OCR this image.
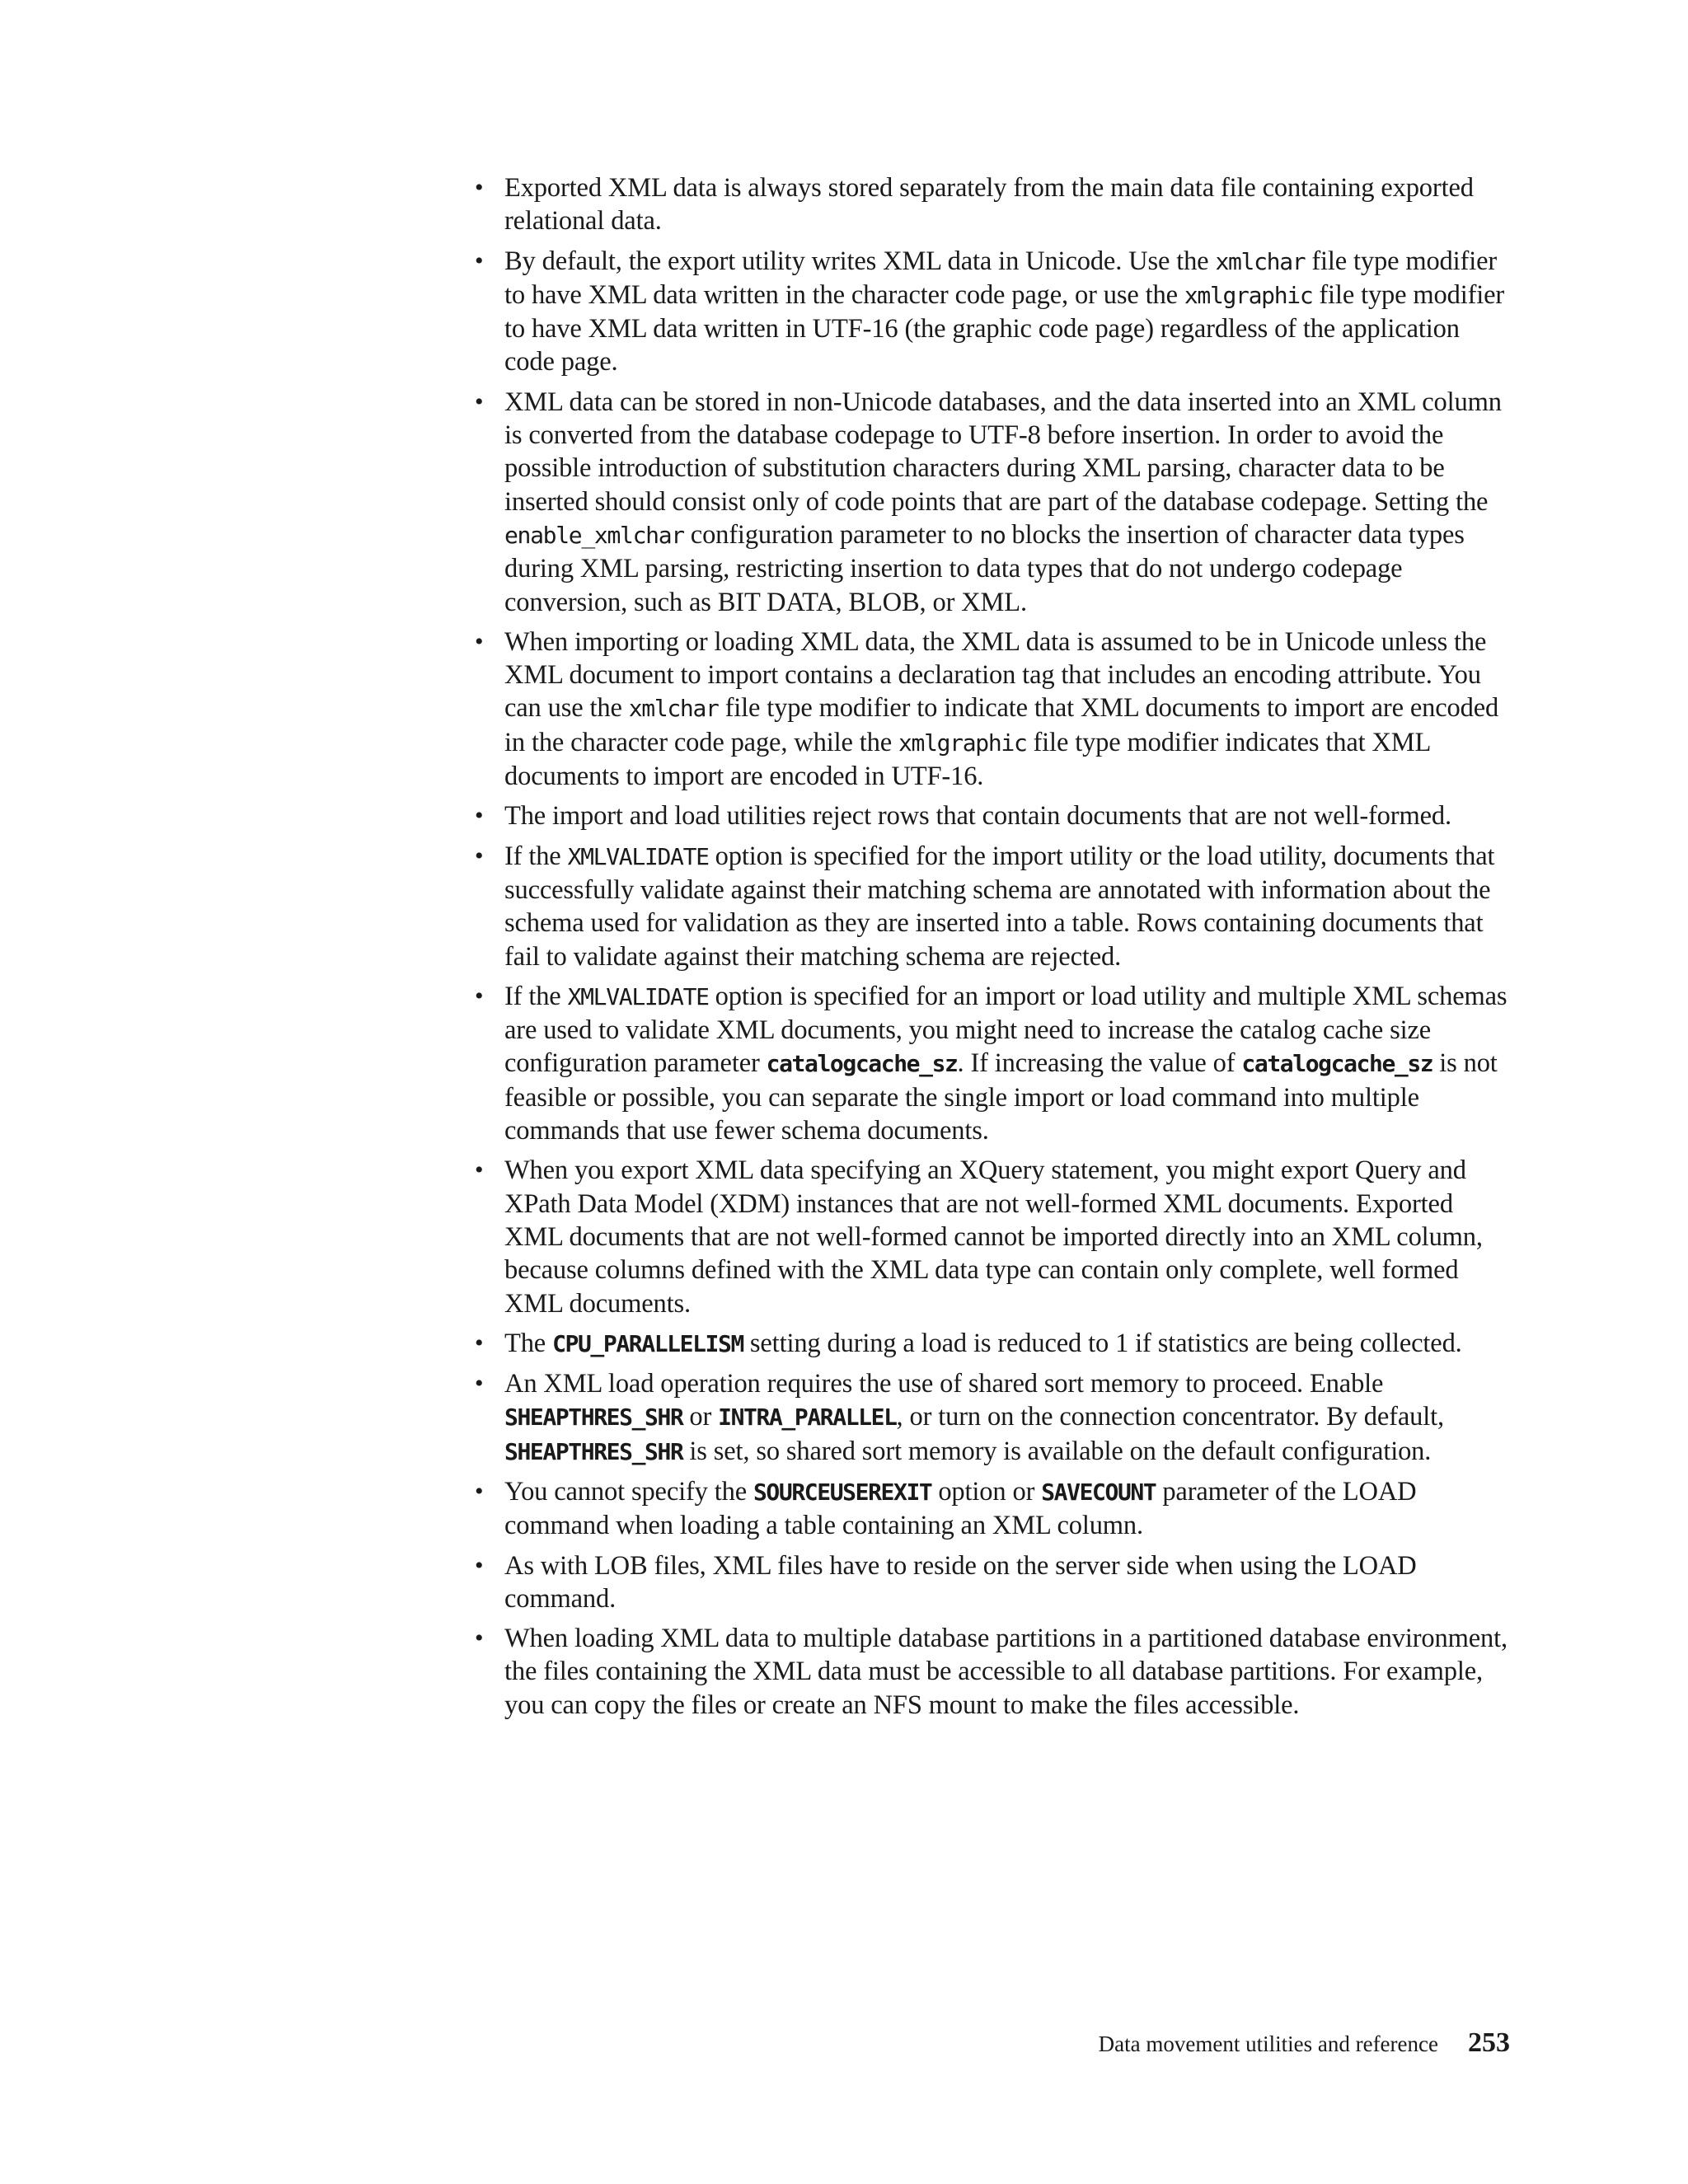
• Exported XML data is always stored separately from the main data file containing exported relational data.
• By default, the export utility writes XML data in Unicode. Use the xmlchar file type modifier to have XML data written in the character code page, or use the xmlgraphic file type modifier to have XML data written in UTF-16 (the graphic code page) regardless of the application code page.
• XML data can be stored in non-Unicode databases, and the data inserted into an XML column is converted from the database codepage to UTF-8 before insertion. In order to avoid the possible introduction of substitution characters during XML parsing, character data to be inserted should consist only of code points that are part of the database codepage. Setting the enable_xmlchar configuration parameter to no blocks the insertion of character data types during XML parsing, restricting insertion to data types that do not undergo codepage conversion, such as BIT DATA, BLOB, or XML.
• When importing or loading XML data, the XML data is assumed to be in Unicode unless the XML document to import contains a declaration tag that includes an encoding attribute. You can use the xmlchar file type modifier to indicate that XML documents to import are encoded in the character code page, while the xmlgraphic file type modifier indicates that XML documents to import are encoded in UTF-16.
• The import and load utilities reject rows that contain documents that are not well-formed.
• If the XMLVALIDATE option is specified for the import utility or the load utility, documents that successfully validate against their matching schema are annotated with information about the schema used for validation as they are inserted into a table. Rows containing documents that fail to validate against their matching schema are rejected.
• If the XMLVALIDATE option is specified for an import or load utility and multiple XML schemas are used to validate XML documents, you might need to increase the catalog cache size configuration parameter catalogcache_sz. If increasing the value of catalogcache_sz is not feasible or possible, you can separate the single import or load command into multiple commands that use fewer schema documents.
• When you export XML data specifying an XQuery statement, you might export Query and XPath Data Model (XDM) instances that are not well-formed XML documents. Exported XML documents that are not well-formed cannot be imported directly into an XML column, because columns defined with the XML data type can contain only complete, well formed XML documents.
• The CPU_PARALLELISM setting during a load is reduced to 1 if statistics are being collected.
• An XML load operation requires the use of shared sort memory to proceed. Enable SHEAPTHRES_SHR or INTRA_PARALLEL, or turn on the connection concentrator. By default, SHEAPTHRES_SHR is set, so shared sort memory is available on the default configuration.
• You cannot specify the SOURCEUSEREXIT option or SAVECOUNT parameter of the LOAD command when loading a table containing an XML column.
• As with LOB files, XML files have to reside on the server side when using the LOAD command.
• When loading XML data to multiple database partitions in a partitioned database environment, the files containing the XML data must be accessible to all database partitions. For example, you can copy the files or create an NFS mount to make the files accessible.
Data movement utilities and reference 253
